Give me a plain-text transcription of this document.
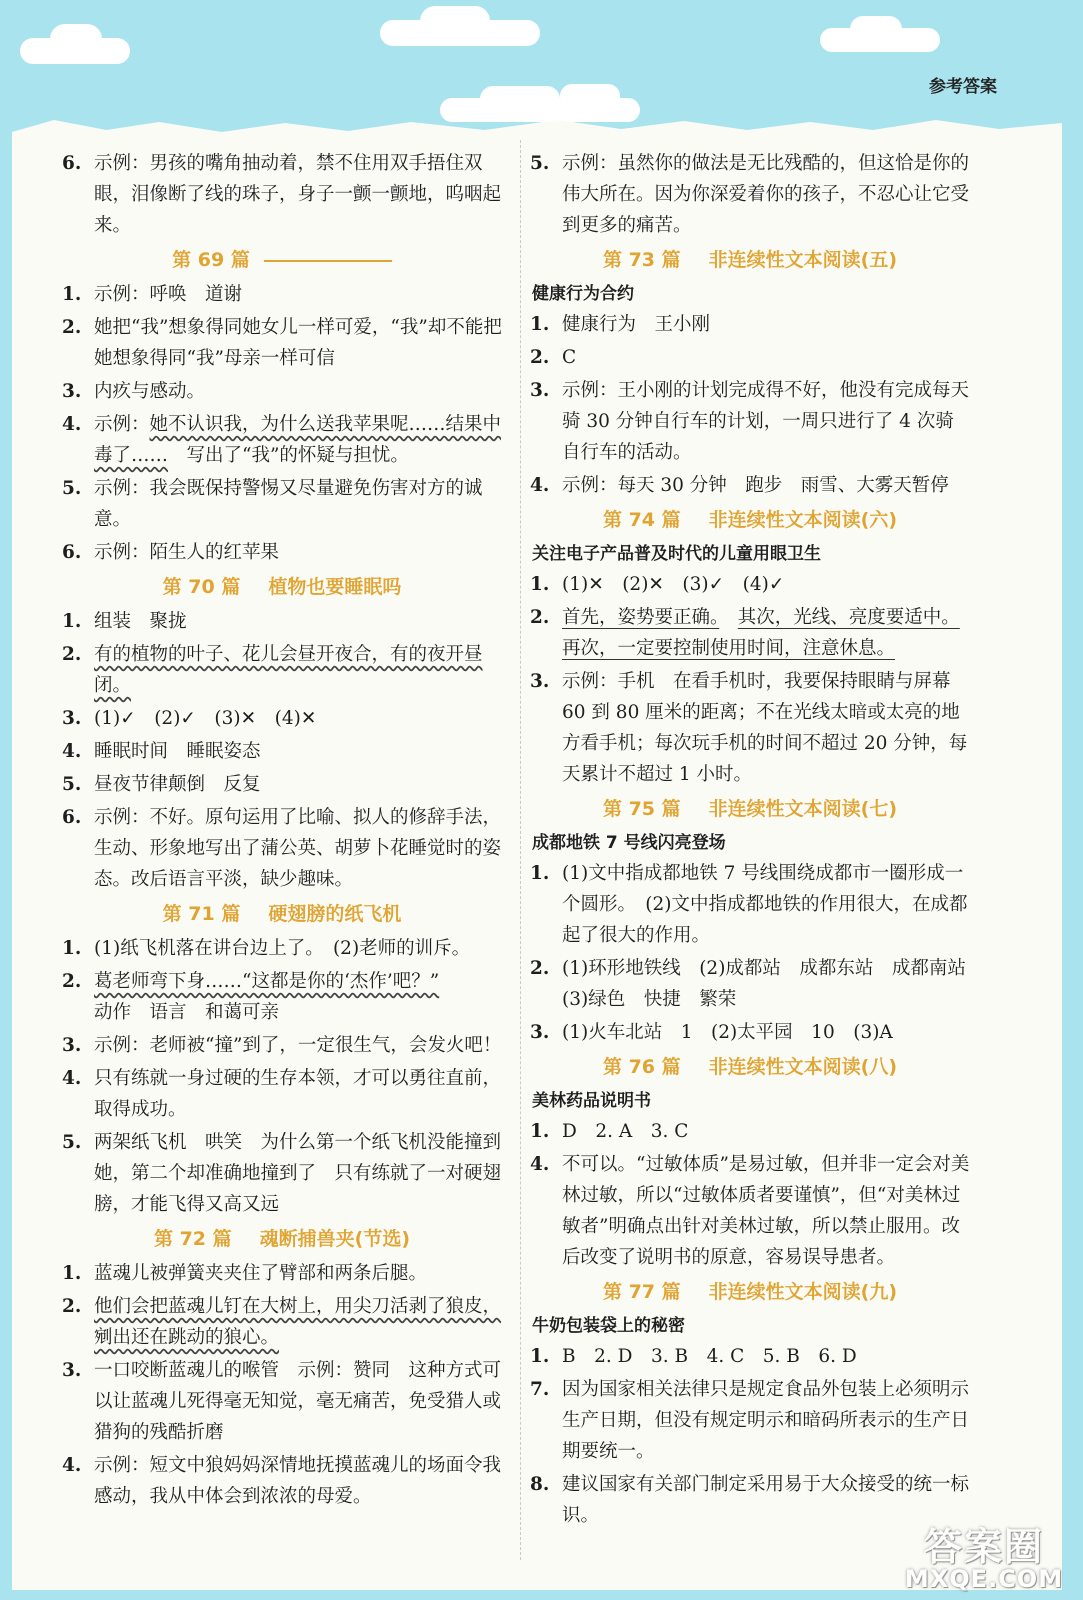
参考答案
6. 示例：男孩的嘴角抽动着，禁不住用双手捂住双眼，泪像断了线的珠子，身子一颤一颤地，呜咽起来。
第 69 篇
1. 示例：呼唤　道谢
2. 她把“我”想象得同她女儿一样可爱，“我”却不能把她想象得同“我”母亲一样可信
3. 内疚与感动。
4. 示例：她不认识我，为什么送我苹果呢……结果中毒了……　写出了“我”的怀疑与担忧。
5. 示例：我会既保持警惕又尽量避免伤害对方的诚意。
6. 示例：陌生人的红苹果
第 70 篇 植物也要睡眠吗
1. 组装　聚拢
2. 有的植物的叶子、花儿会昼开夜合，有的夜开昼闭。
3. (1)✓　(2)✓　(3)✕　(4)✕
4. 睡眠时间　睡眠姿态
5. 昼夜节律颠倒　反复
6. 示例：不好。原句运用了比喻、拟人的修辞手法，生动、形象地写出了蒲公英、胡萝卜花睡觉时的姿态。改后语言平淡，缺少趣味。
第 71 篇 硬翅膀的纸飞机
1. (1)纸飞机落在讲台边上了。　(2)老师的训斥。
2. 葛老师弯下身……“这都是你的‘杰作’吧？”
动作　语言　和蔼可亲
3. 示例：老师被“撞”到了，一定很生气，会发火吧！
4. 只有练就一身过硬的生存本领，才可以勇往直前，取得成功。
5. 两架纸飞机　哄笑　为什么第一个纸飞机没能撞到她，第二个却准确地撞到了　只有练就了一对硬翅膀，才能飞得又高又远
第 72 篇 魂断捕兽夹(节选)
1. 蓝魂儿被弹簧夹夹住了臂部和两条后腿。
2. 他们会把蓝魂儿钉在大树上，用尖刀活剥了狼皮，剜出还在跳动的狼心。
3. 一口咬断蓝魂儿的喉管　示例：赞同　这种方式可以让蓝魂儿死得毫无知觉，毫无痛苦，免受猎人或猎狗的残酷折磨
4. 示例：短文中狼妈妈深情地抚摸蓝魂儿的场面令我感动，我从中体会到浓浓的母爱。
5. 示例：虽然你的做法是无比残酷的，但这恰是你的伟大所在。因为你深爱着你的孩子，不忍心让它受到更多的痛苦。
第 73 篇 非连续性文本阅读(五)
健康行为合约
1. 健康行为　王小刚
2. C
3. 示例：王小刚的计划完成得不好，他没有完成每天骑 30 分钟自行车的计划，一周只进行了 4 次骑自行车的活动。
4. 示例：每天 30 分钟　跑步　雨雪、大雾天暂停
第 74 篇 非连续性文本阅读(六)
关注电子产品普及时代的儿童用眼卫生
1. (1)✕　(2)✕　(3)✓　(4)✓
2. 首先，姿势要正确。　 其次，光线、亮度要适中。
再次，一定要控制使用时间，注意休息。
3. 示例：手机　在看手机时，我要保持眼睛与屏幕 60 到 80 厘米的距离；不在光线太暗或太亮的地方看手机；每次玩手机的时间不超过 20 分钟，每天累计不超过 1 小时。
第 75 篇 非连续性文本阅读(七)
成都地铁 7 号线闪亮登场
1. (1)文中指成都地铁 7 号线围绕成都市一圈形成一个圆形。　(2)文中指成都地铁的作用很大，在成都起了很大的作用。
2. (1)环形地铁线　(2)成都站　成都东站　成都南站　(3)绿色　快捷　繁荣
3. (1)火车北站　1　(2)太平园　10　(3)A
第 76 篇 非连续性文本阅读(八)
美林药品说明书
1. D　2. A　3. C
4. 不可以。“过敏体质”是易过敏，但并非一定会对美林过敏，所以“过敏体质者要谨慎”，但“对美林过敏者”明确点出针对美林过敏，所以禁止服用。改后改变了说明书的原意，容易误导患者。
第 77 篇 非连续性文本阅读(九)
牛奶包装袋上的秘密
1. B　2. D　3. B　4. C　5. B　6. D
7. 因为国家相关法律只是规定食品外包装上必须明示生产日期，但没有规定明示和暗码所表示的生产日期要统一。
8. 建议国家有关部门制定采用易于大众接受的统一标识。
答案圈
MXQE.COM
